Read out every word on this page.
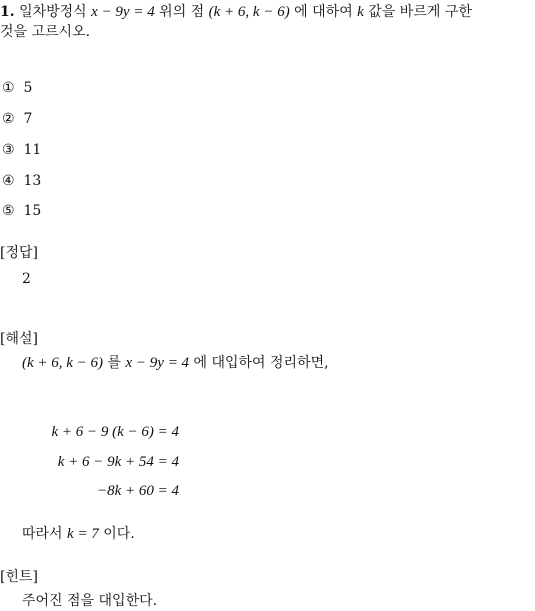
1. 일차방정식 x − 9y = 4 위의 점 (k + 6, k − 6) 에 대하여 k 값을 바르게 구한
것을 고르시오.
① 5
② 7
③ 11
④ 13
⑤ 15
[정답]
2
[해설]
(k + 6, k − 6) 를 x − 9y = 4 에 대입하여 정리하면,
k + 6 − 9 (k − 6) = 4
k + 6 − 9k + 54 = 4
−8k + 60 = 4
따라서 k = 7 이다.
[힌트]
주어진 점을 대입한다.
